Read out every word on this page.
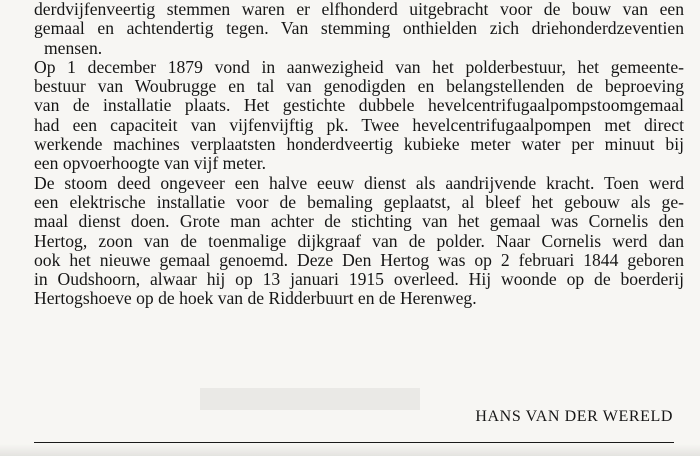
derdvijfenveertig stemmen waren er elfhonderd uitgebracht voor de bouw van een
gemaal en achtendertig tegen. Van stemming onthielden zich driehonderdzeventien
mensen.
Op 1 december 1879 vond in aanwezigheid van het polderbestuur, het gemeente-
bestuur van Woubrugge en tal van genodigden en belangstellenden de beproeving
van de installatie plaats. Het gestichte dubbele hevelcentrifugaalpompstoomgemaal
had een capaciteit van vijfenvijftig pk. Twee hevelcentrifugaalpompen met direct
werkende machines verplaatsten honderdveertig kubieke meter water per minuut bij
een opvoerhoogte van vijf meter.
De stoom deed ongeveer een halve eeuw dienst als aandrijvende kracht. Toen werd
een elektrische installatie voor de bemaling geplaatst, al bleef het gebouw als ge-
maal dienst doen. Grote man achter de stichting van het gemaal was Cornelis den
Hertog, zoon van de toenmalige dijkgraaf van de polder. Naar Cornelis werd dan
ook het nieuwe gemaal genoemd. Deze Den Hertog was op 2 februari 1844 geboren
in Oudshoorn, alwaar hij op 13 januari 1915 overleed. Hij woonde op de boerderij
Hertogshoeve op de hoek van de Ridderbuurt en de Herenweg.
HANS VAN DER WERELD
